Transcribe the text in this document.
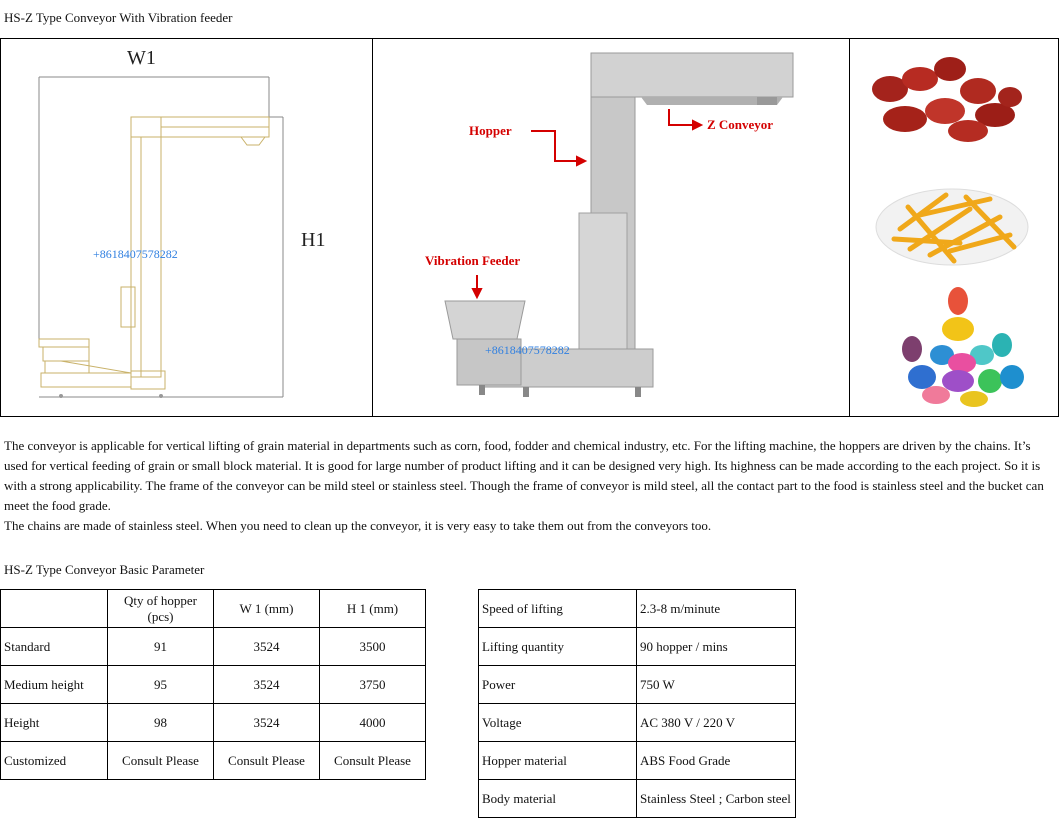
HS-Z Type Conveyor With Vibration feeder
W1
H1
+8618407578282
Hopper	Z Conveyor
Vibration Feeder
+8618407578282

The conveyor is applicable for vertical lifting of grain material in departments such as corn, food, fodder and chemical industry, etc. For the lifting machine, the hoppers are driven by the chains. It’s used for vertical feeding of grain or small block material. It is good for large number of product lifting and it can be designed very high. Its highness can be made according to the each project. So it is with a strong applicability. The frame of the conveyor can be mild steel or stainless steel. Though the frame of conveyor is mild steel, all the contact part to the food is stainless steel and the bucket can meet the food grade.

The chains are made of stainless steel. When you need to clean up the conveyor, it is very easy to take them out from the conveyors too.

HS-Z Type Conveyor Basic Parameter
	Qty of hopper (pcs)	W 1 (mm)	H 1 (mm)
Standard	91	3524	3500
Medium height	95	3524	3750
Height	98	3524	4000
Customized	Consult Please	Consult Please	Consult Please
Speed of lifting	2.3-8 m/minute
Lifting quantity	90 hopper / mins
Power	750 W
Voltage	AC 380 V / 220 V
Hopper material	ABS Food Grade
Body material	Stainless Steel ; Carbon steel
